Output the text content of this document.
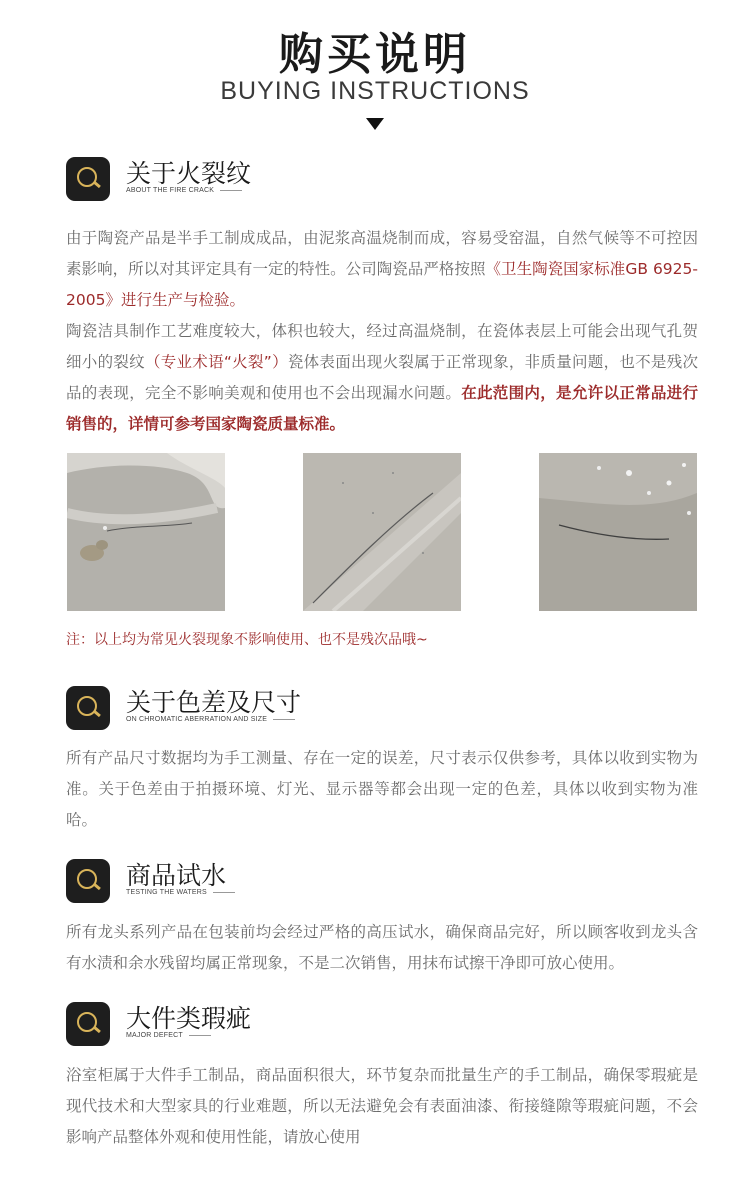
购买说明
BUYING INSTRUCTIONS
关于火裂纹
ABOUT THE FIRE CRACK
由于陶瓷产品是半手工制成成品，由泥浆高温烧制而成，容易受窑温，自然气候等不可控因素影响，所以对其评定具有一定的特性。公司陶瓷品严格按照《卫生陶瓷国家标准GB 6925-2005》进行生产与检验。
陶瓷洁具制作工艺难度较大，体积也较大，经过高温烧制，在瓷体表层上可能会出现气孔贺细小的裂纹（专业术语“火裂”）瓷体表面出现火裂属于正常现象，非质量问题，也不是残次品的表现，完全不影响美观和使用也不会出现漏水问题。在此范围内，是允许以正常品进行销售的，详情可参考国家陶瓷质量标准。
注：以上均为常见火裂现象不影响使用、也不是残次品哦~
关于色差及尺寸
ON CHROMATIC ABERRATION AND SIZE
所有产品尺寸数据均为手工测量、存在一定的误差，尺寸表示仅供参考，具体以收到实物为准。关于色差由于拍摄环境、灯光、显示器等都会出现一定的色差，具体以收到实物为准哈。
商品试水
TESTING THE WATERS
所有龙头系列产品在包装前均会经过严格的高压试水，确保商品完好，所以顾客收到龙头含有水渍和余水残留均属正常现象，不是二次销售，用抹布试擦干净即可放心使用。
大件类瑕疵
MAJOR DEFECT
浴室柜属于大件手工制品，商品面积很大，环节复杂而批量生产的手工制品，确保零瑕疵是现代技术和大型家具的行业难题，所以无法避免会有表面油漆、衔接缝隙等瑕疵问题，不会影响产品整体外观和使用性能，请放心使用
